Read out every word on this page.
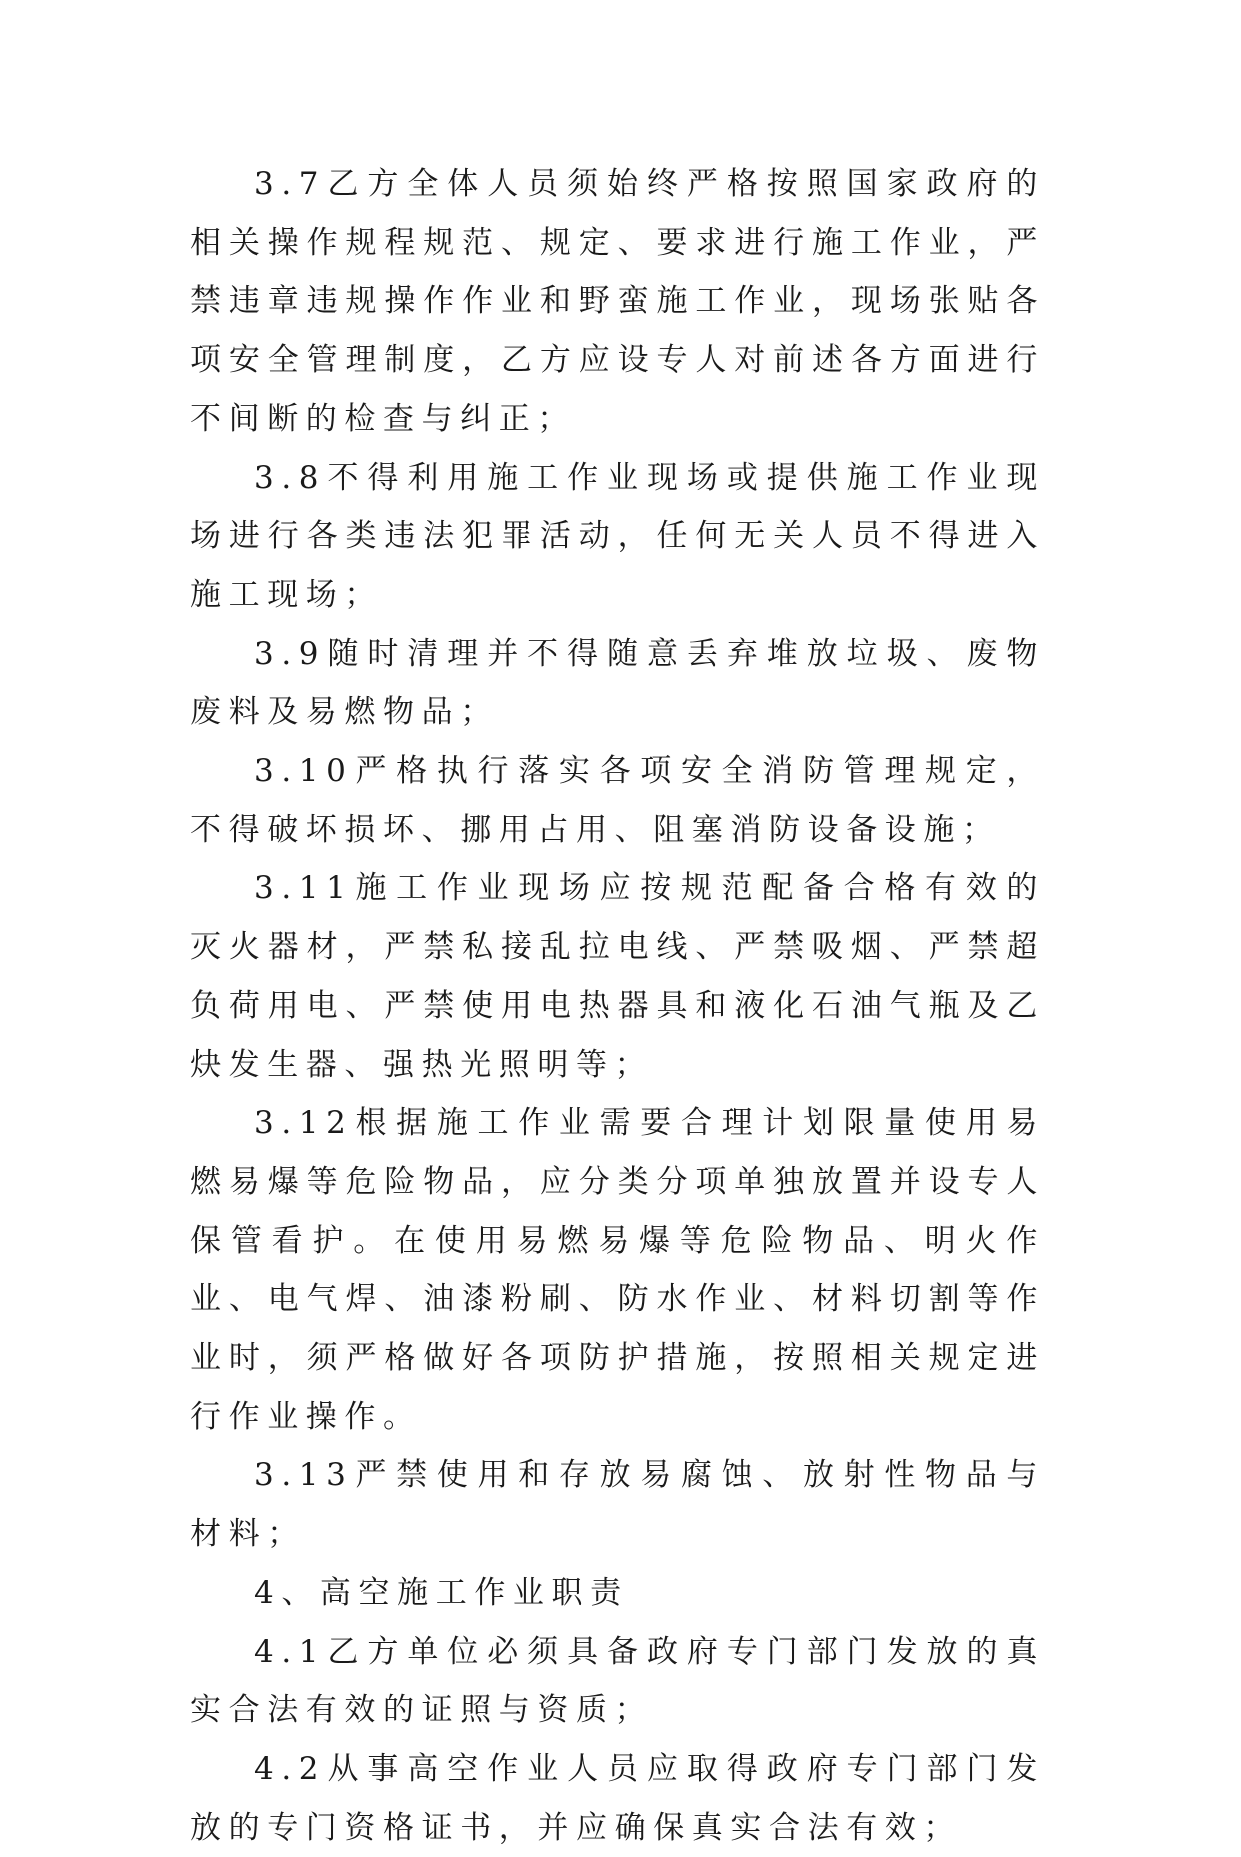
3.7乙方全体人员须始终严格按照国家政府的相关操作规程规范、规定、要求进行施工作业，严禁违章违规操作作业和野蛮施工作业，现场张贴各项安全管理制度，乙方应设专人对前述各方面进行不间断的检查与纠正；

3.8不得利用施工作业现场或提供施工作业现场进行各类违法犯罪活动，任何无关人员不得进入施工现场；

3.9随时清理并不得随意丢弃堆放垃圾、废物废料及易燃物品；

3.10严格执行落实各项安全消防管理规定，不得破坏损坏、挪用占用、阻塞消防设备设施；

3.11施工作业现场应按规范配备合格有效的灭火器材，严禁私接乱拉电线、严禁吸烟、严禁超负荷用电、严禁使用电热器具和液化石油气瓶及乙炔发生器、强热光照明等；

3.12根据施工作业需要合理计划限量使用易燃易爆等危险物品，应分类分项单独放置并设专人保管看护。在使用易燃易爆等危险物品、明火作业、电气焊、油漆粉刷、防水作业、材料切割等作业时，须严格做好各项防护措施，按照相关规定进行作业操作。

3.13严禁使用和存放易腐蚀、放射性物品与材料；

4、高空施工作业职责

4.1乙方单位必须具备政府专门部门发放的真实合法有效的证照与资质；

4.2从事高空作业人员应取得政府专门部门发放的专门资格证书，并应确保真实合法有效；
